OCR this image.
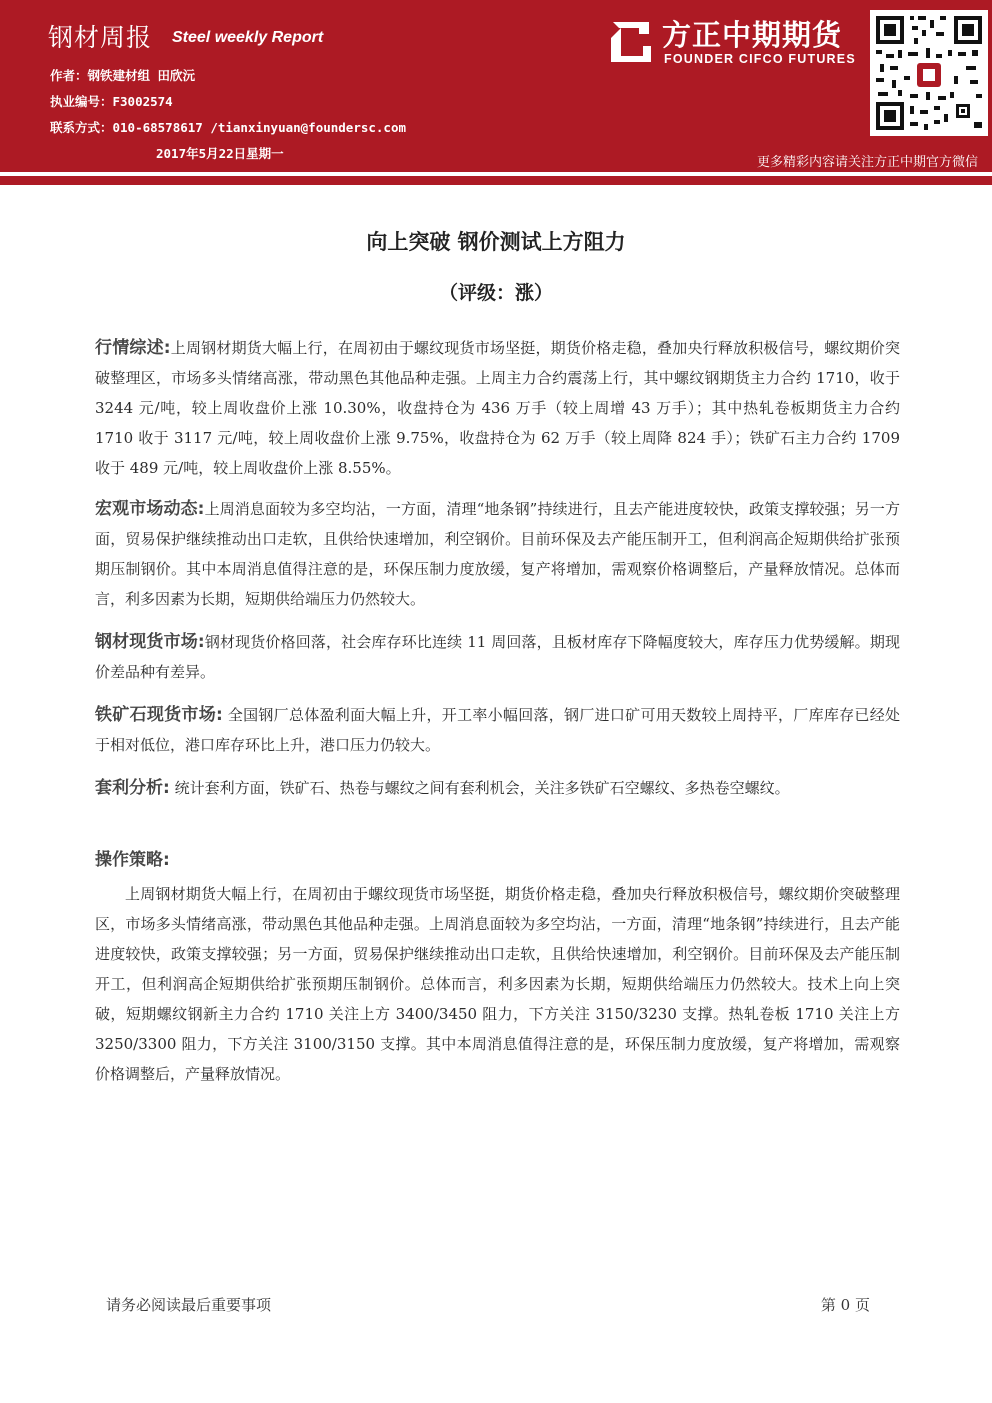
钢材周报 Steel weekly Report
作者：钢铁建材组 田欣沅
执业编号：F3002574
联系方式：010-68578617 /tianxinyuan@foundersc.com
2017年5月22日星期一
方正中期期货
FOUNDER CIFCO FUTURES
更多精彩内容请关注方正中期官方微信
向上突破 钢价测试上方阻力
（评级：涨）
行情综述:上周钢材期货大幅上行，在周初由于螺纹现货市场坚挺，期货价格走稳，叠加央行释放积极信号，螺纹期价突破整理区，市场多头情绪高涨，带动黑色其他品种走强。上周主力合约震荡上行，其中螺纹钢期货主力合约 1710，收于 3244 元/吨，较上周收盘价上涨 10.30%，收盘持仓为 436 万手（较上周增 43 万手）；其中热轧卷板期货主力合约 1710 收于 3117 元/吨，较上周收盘价上涨 9.75%，收盘持仓为 62 万手（较上周降 824 手）；铁矿石主力合约 1709 收于 489 元/吨，较上周收盘价上涨 8.55%。
宏观市场动态:上周消息面较为多空均沾，一方面，清理“地条钢”持续进行，且去产能进度较快，政策支撑较强；另一方面，贸易保护继续推动出口走软，且供给快速增加，利空钢价。目前环保及去产能压制开工，但利润高企短期供给扩张预期压制钢价。其中本周消息值得注意的是，环保压制力度放缓，复产将增加，需观察价格调整后，产量释放情况。总体而言，利多因素为长期，短期供给端压力仍然较大。
钢材现货市场:钢材现货价格回落，社会库存环比连续 11 周回落，且板材库存下降幅度较大，库存压力优势缓解。期现价差品种有差异。
铁矿石现货市场: 全国钢厂总体盈利面大幅上升，开工率小幅回落，钢厂进口矿可用天数较上周持平，厂库库存已经处于相对低位，港口库存环比上升，港口压力仍较大。
套利分析: 统计套利方面，铁矿石、热卷与螺纹之间有套利机会，关注多铁矿石空螺纹、多热卷空螺纹。
操作策略:
上周钢材期货大幅上行，在周初由于螺纹现货市场坚挺，期货价格走稳，叠加央行释放积极信号，螺纹期价突破整理区，市场多头情绪高涨，带动黑色其他品种走强。上周消息面较为多空均沾，一方面，清理“地条钢”持续进行，且去产能进度较快，政策支撑较强；另一方面，贸易保护继续推动出口走软，且供给快速增加，利空钢价。目前环保及去产能压制开工，但利润高企短期供给扩张预期压制钢价。总体而言，利多因素为长期，短期供给端压力仍然较大。技术上向上突破，短期螺纹钢新主力合约 1710 关注上方 3400/3450 阻力，下方关注 3150/3230 支撑。热轧卷板 1710 关注上方 3250/3300 阻力，下方关注 3100/3150 支撑。其中本周消息值得注意的是，环保压制力度放缓，复产将增加，需观察价格调整后，产量释放情况。
请务必阅读最后重要事项	第 0 页
